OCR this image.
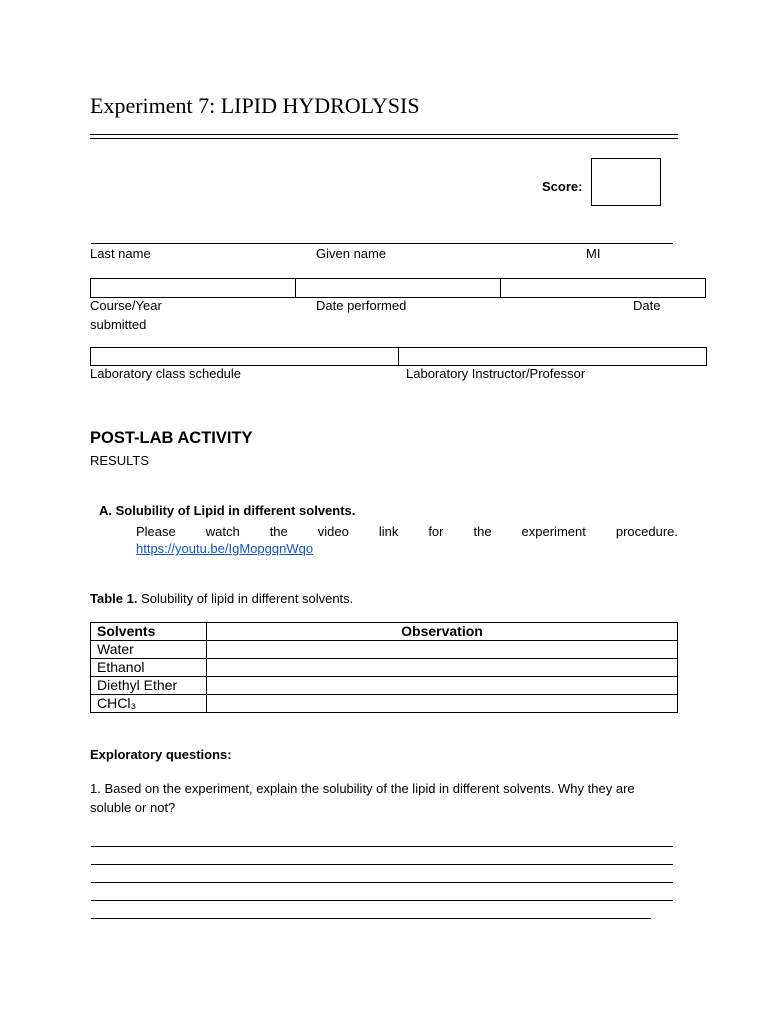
Experiment 7: LIPID HYDROLYSIS
Score:
Last name	Given name	MI
Course/Year	Date performed	Date
submitted
Laboratory class schedule	Laboratory Instructor/Professor
POST-LAB ACTIVITY
RESULTS
A. Solubility of Lipid in different solvents.
Please watch the video link for the experiment procedure.
https://youtu.be/IgMopgqnWqo
Table 1. Solubility of lipid in different solvents.
Solvents	Observation
Water	
Ethanol	
Diethyl Ether	
CHCl₃	
Exploratory questions:
1. Based on the experiment, explain the solubility of the lipid in different solvents. Why they are soluble or not?
